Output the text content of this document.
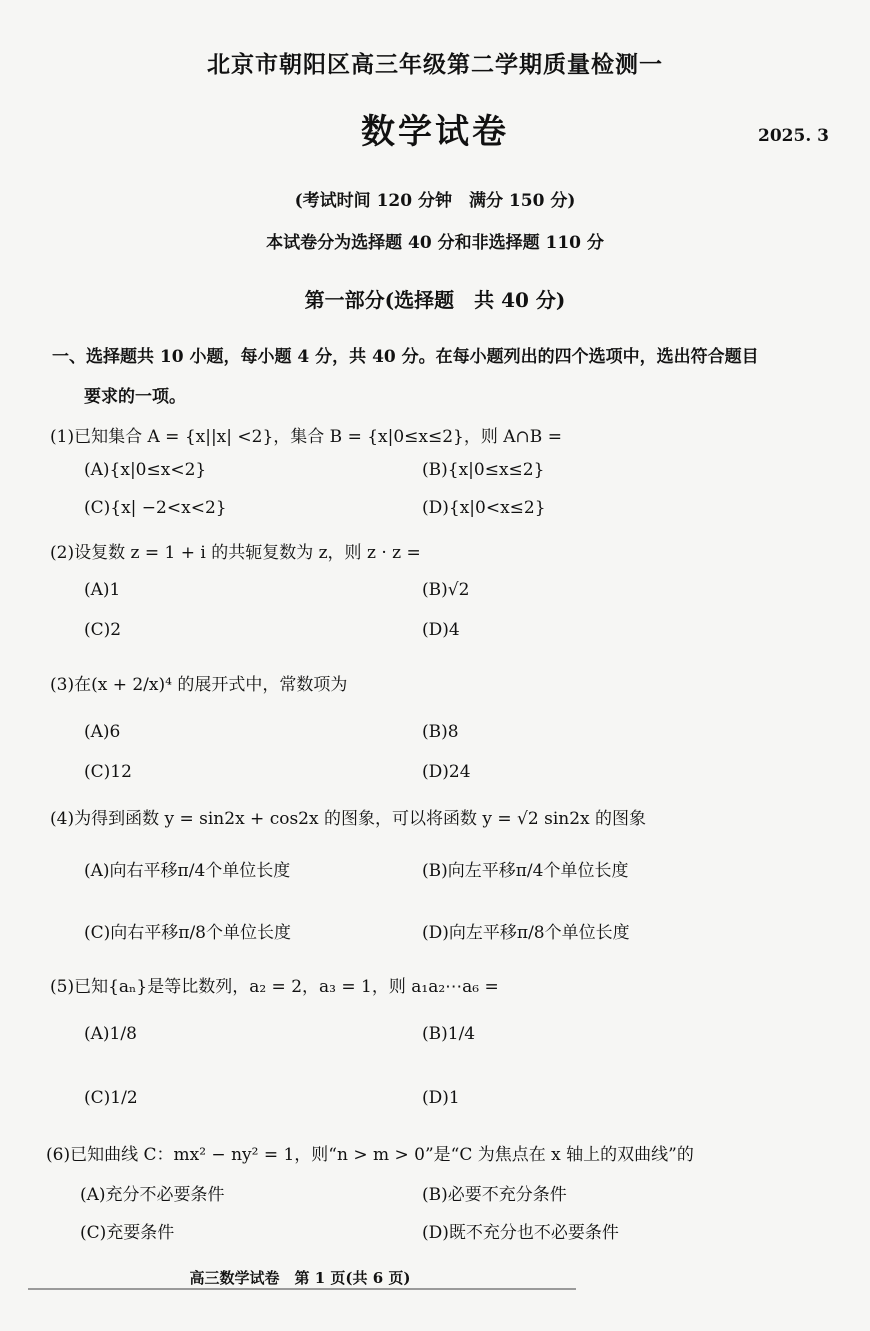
北京市朝阳区高三年级第二学期质量检测一
数学试卷	2025. 3
(考试时间 120 分钟　满分 150 分)
本试卷分为选择题 40 分和非选择题 110 分
第一部分(选择题　共 40 分)
一、选择题共 10 小题，每小题 4 分，共 40 分。在每小题列出的四个选项中，选出符合题目
要求的一项。
(1)已知集合 A = {x||x| <2}，集合 B = {x|0≤x≤2}，则 A∩B =
(A){x|0≤x<2}	(B){x|0≤x≤2}
(C){x| −2<x<2}	(D){x|0<x≤2}
(2)设复数 z = 1 + i 的共轭复数为 z，则 z · z =
(A)1	(B)√2
(C)2	(D)4
(3)在(x + 2/x)⁴ 的展开式中，常数项为
(A)6	(B)8
(C)12	(D)24
(4)为得到函数 y = sin2x + cos2x 的图象，可以将函数 y = √2 sin2x 的图象
(A)向右平移π/4个单位长度	(B)向左平移π/4个单位长度
(C)向右平移π/8个单位长度	(D)向左平移π/8个单位长度
(5)已知{aₙ}是等比数列，a₂ = 2，a₃ = 1，则 a₁a₂⋯a₆ =
(A)1/8	(B)1/4
(C)1/2	(D)1
(6)已知曲线 C：mx² − ny² = 1，则“n > m > 0”是“C 为焦点在 x 轴上的双曲线”的
(A)充分不必要条件	(B)必要不充分条件
(C)充要条件	(D)既不充分也不必要条件
高三数学试卷　第 1 页(共 6 页)
